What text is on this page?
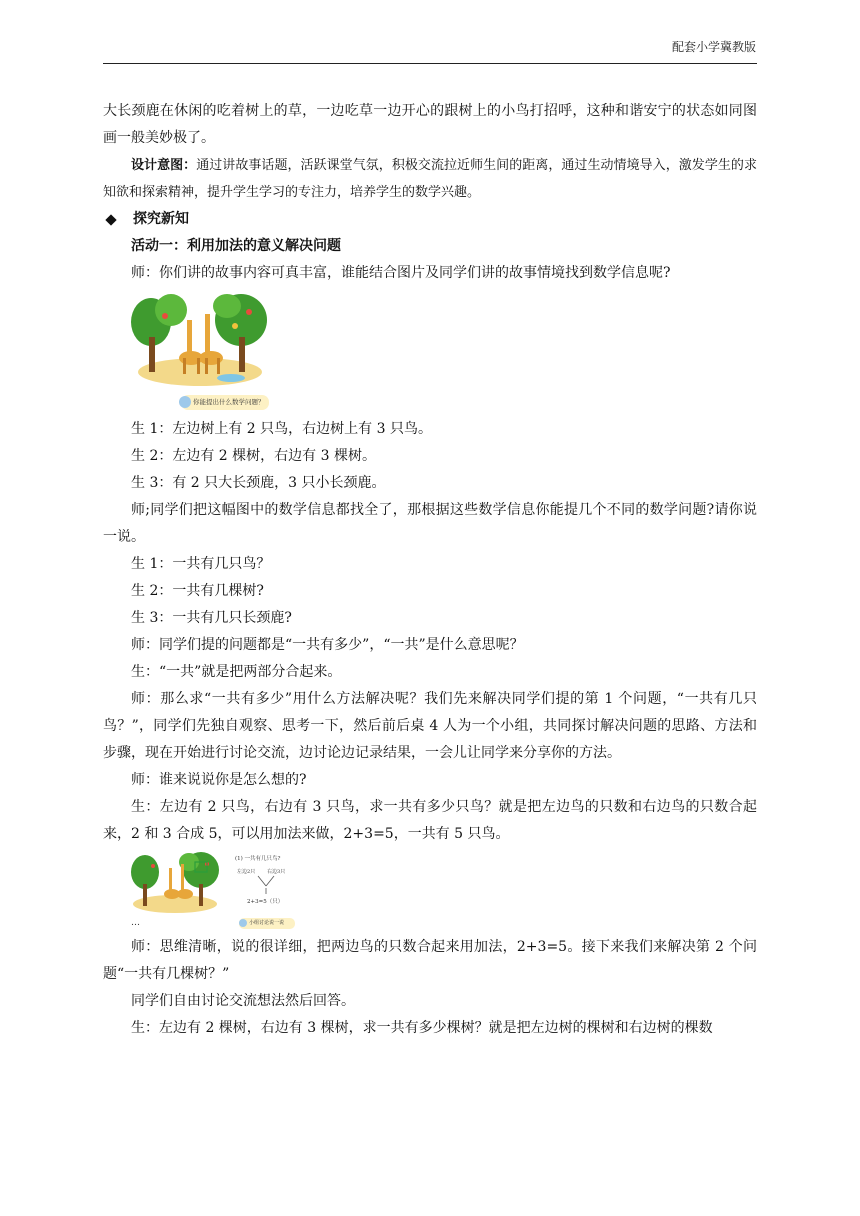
配套小学冀教版

大长颈鹿在休闲的吃着树上的草，一边吃草一边开心的跟树上的小鸟打招呼，这种和谐安宁的状态如同图画一般美妙极了。

设计意图：通过讲故事话题，活跃课堂气氛，积极交流拉近师生间的距离，通过生动情境导入，激发学生的求知欲和探索精神，提升学生学习的专注力，培养学生的数学兴趣。

探究新知

活动一：利用加法的意义解决问题

师：你们讲的故事内容可真丰富，谁能结合图片及同学们讲的故事情境找到数学信息呢?

你能提出什么数学问题？

生 1：左边树上有 2 只鸟，右边树上有 3 只鸟。

生 2：左边有 2 棵树，右边有 3 棵树。

生 3：有 2 只大长颈鹿，3 只小长颈鹿。

师;同学们把这幅图中的数学信息都找全了，那根据这些数学信息你能提几个不同的数学问题?请你说一说。

生 1：一共有几只鸟？

生 2：一共有几棵树?

生 3：一共有几只长颈鹿?

师：同学们提的问题都是“一共有多少”，“一共”是什么意思呢？

生：“一共”就是把两部分合起来。

师：那么求“一共有多少”用什么方法解决呢？我们先来解决同学们提的第 1 个问题，“一共有几只鸟？”，同学们先独自观察、思考一下，然后前后桌 4 人为一个小组，共同探讨解决问题的思路、方法和步骤，现在开始进行讨论交流，边讨论边记录结果，一会儿让同学来分享你的方法。

师：谁来说说你是怎么想的?

生：左边有 2 只鸟，右边有 3 只鸟，求一共有多少只鸟？就是把左边鸟的只数和右边鸟的只数合起来，2 和 3 合成 5，可以用加法来做，2+3=5，一共有 5 只鸟。

(1) 一共有几只鸟?
左边2只 右边3只
2+3=5（只）
小组讨论说一说
…

师：思维清晰，说的很详细，把两边鸟的只数合起来用加法，2+3=5。接下来我们来解决第 2 个问题“一共有几棵树？”

同学们自由讨论交流想法然后回答。

生：左边有 2 棵树，右边有 3 棵树，求一共有多少棵树？就是把左边树的棵树和右边树的棵数
